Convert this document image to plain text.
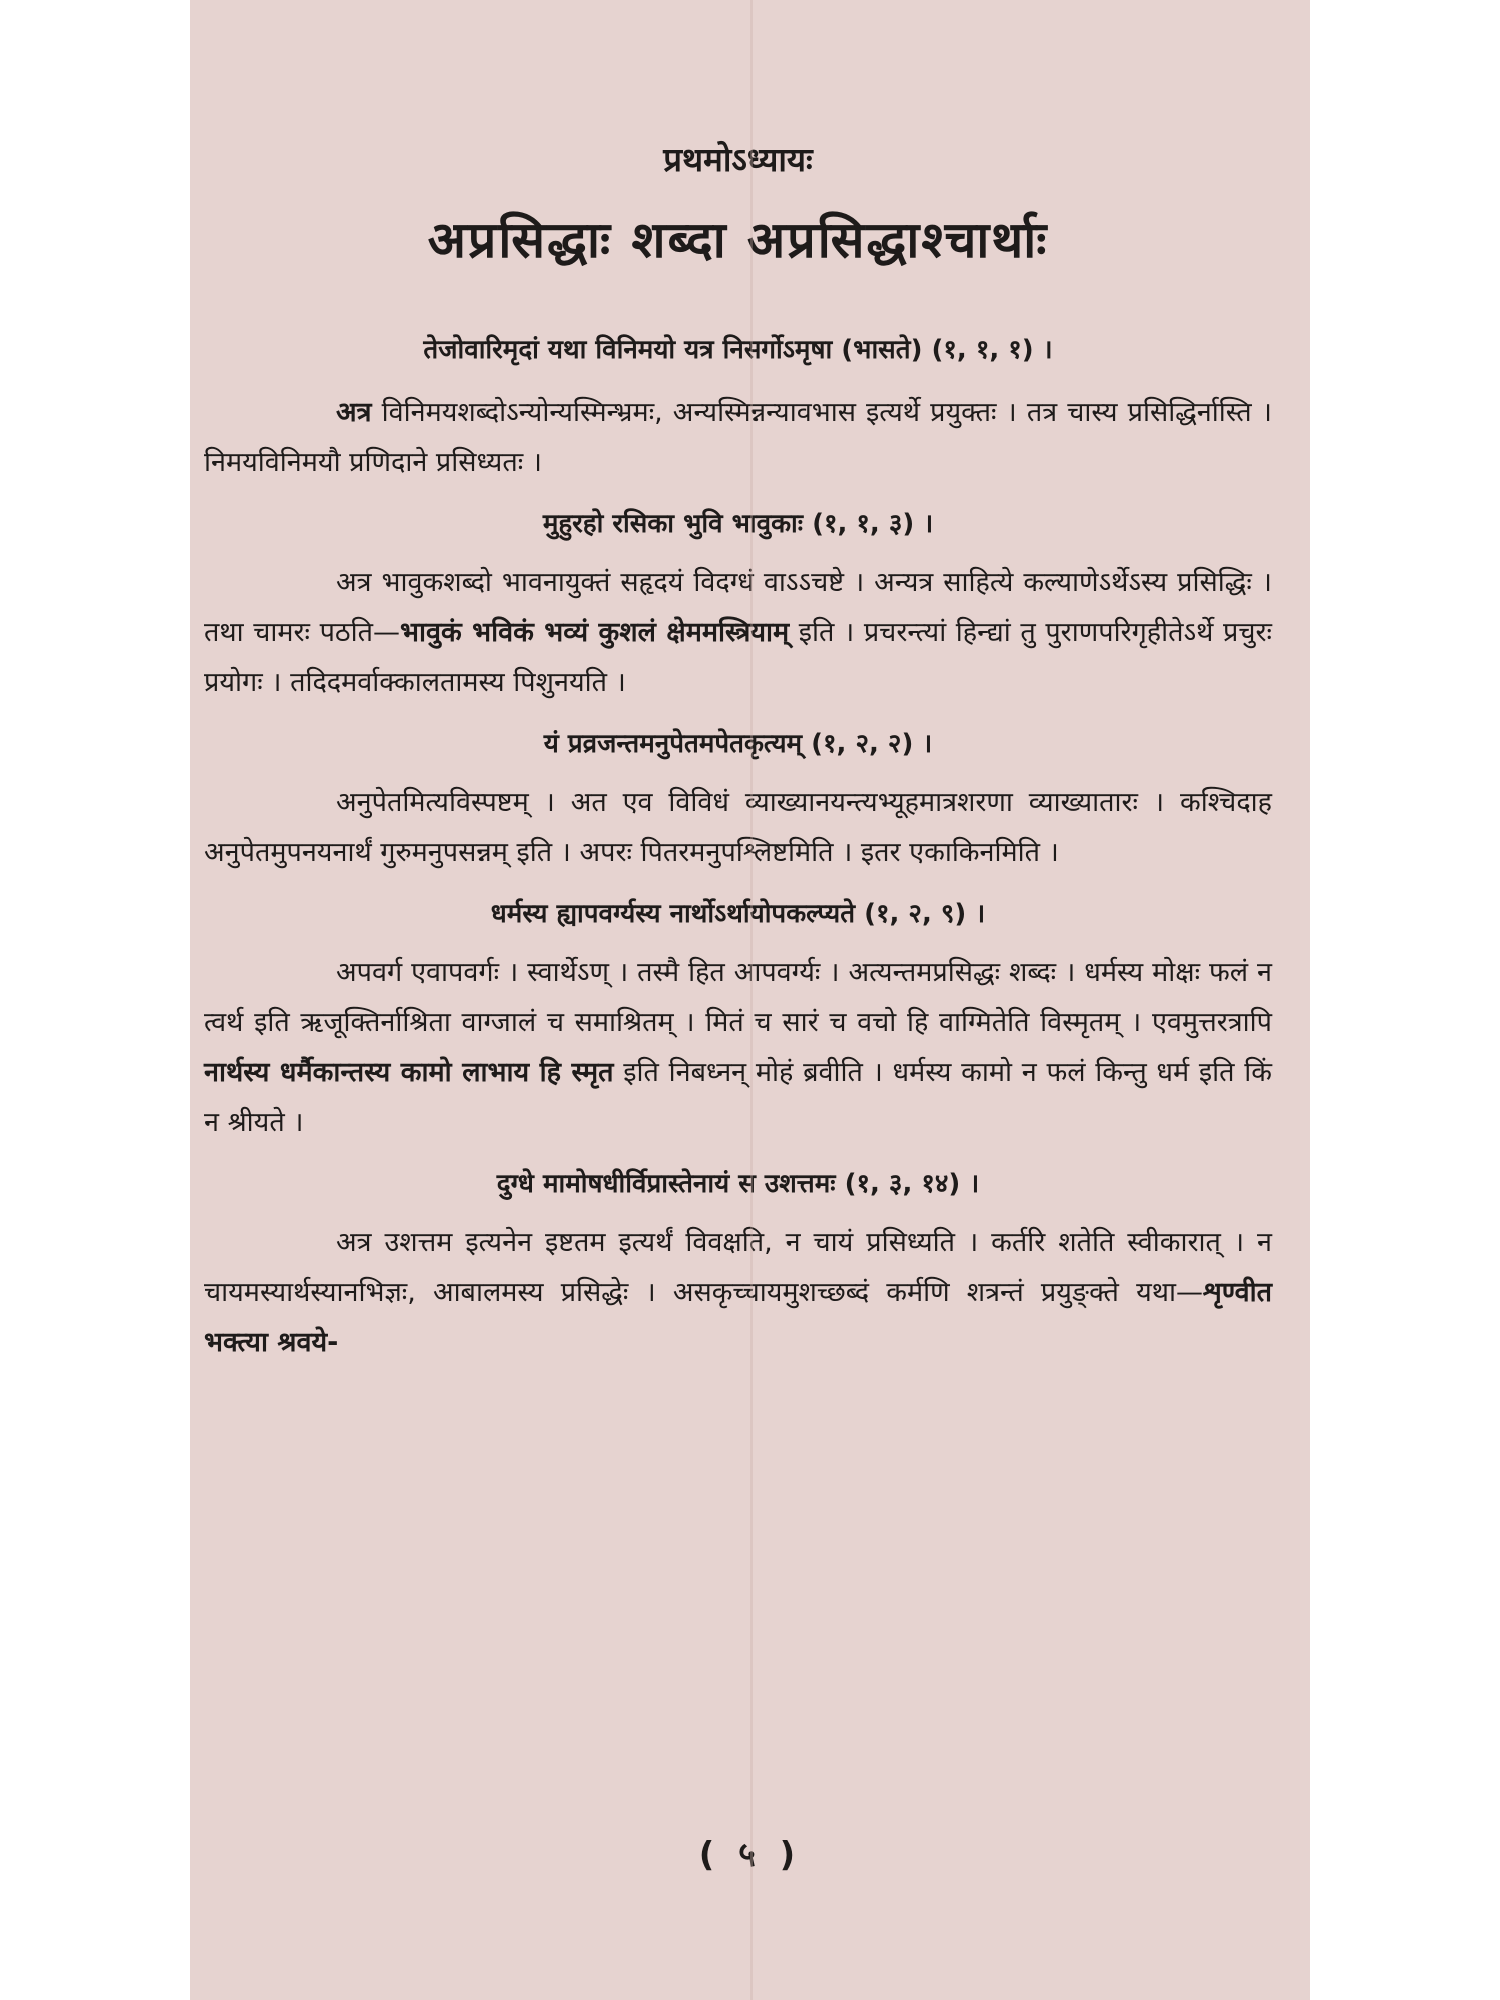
प्रथमोऽध्यायः
अप्रसिद्धाः शब्दा अप्रसिद्धाश्चार्थाः

तेजोवारिमृदां यथा विनिमयो यत्र निसर्गोऽमृषा (भासते) (१, १, १) ।

अत्र विनिमयशब्दोऽन्योन्यस्मिन्भ्रमः, अन्यस्मिन्नन्यावभास इत्यर्थे प्रयुक्तः । तत्र चास्य प्रसिद्धिर्नास्ति । निमयविनिमयौ प्रणिदाने प्रसिध्यतः ।

मुहुरहो रसिका भुवि भावुकाः (१, १, ३) ।

अत्र भावुकशब्दो भावनायुक्तं सहृदयं विदग्धं वाऽऽचष्टे । अन्यत्र साहित्ये कल्याणेऽर्थेऽस्य प्रसिद्धिः । तथा चामरः पठति—भावुकं भविकं भव्यं कुशलं क्षेममस्त्रियाम् इति । प्रचरन्त्यां हिन्द्यां तु पुराणपरिगृहीतेऽर्थे प्रचुरः प्रयोगः । तदिदमर्वाक्कालतामस्य पिशुनयति ।

यं प्रव्रजन्तमनुपेतमपेतकृत्यम् (१, २, २) ।

अनुपेतमित्यविस्पष्टम् । अत एव विविधं व्याख्यानयन्त्यभ्यूहमात्रशरणा व्याख्यातारः । कश्चिदाह अनुपेतमुपनयनार्थं गुरुमनुपसन्नम् इति । अपरः पितरमनुपश्लिष्टमिति । इतर एकाकिनमिति ।

धर्मस्य ह्यापवर्ग्यस्य नार्थोऽर्थायोपकल्प्यते (१, २, ९) ।

अपवर्ग एवापवर्गः । स्वार्थेऽण् । तस्मै हित आपवर्ग्यः । अत्यन्तमप्रसिद्धः शब्दः । धर्मस्य मोक्षः फलं न त्वर्थ इति ऋजूक्तिर्नाश्रिता वाग्जालं च समाश्रितम् । मितं च सारं च वचो हि वाग्मितेति विस्मृतम् । एवमुत्तरत्रापि नार्थस्य धर्मैकान्तस्य कामो लाभाय हि स्मृत इति निबध्नन् मोहं ब्रवीति । धर्मस्य कामो न फलं किन्तु धर्म इति किं न श्रीयते ।

दुग्धे मामोषधीर्विप्रास्तेनायं स उशत्तमः (१, ३, १४) ।

अत्र उशत्तम इत्यनेन इष्टतम इत्यर्थं विवक्षति, न चायं प्रसिध्यति । कर्तरि शतेति स्वीकारात् । न चायमस्यार्थस्यानभिज्ञः, आबालमस्य प्रसिद्धेः । असकृच्चायमुशच्छब्दं कर्मणि शत्रन्तं प्रयुङ्क्ते यथा—शृण्वीत भक्त्या श्रवये-

( ५ )
